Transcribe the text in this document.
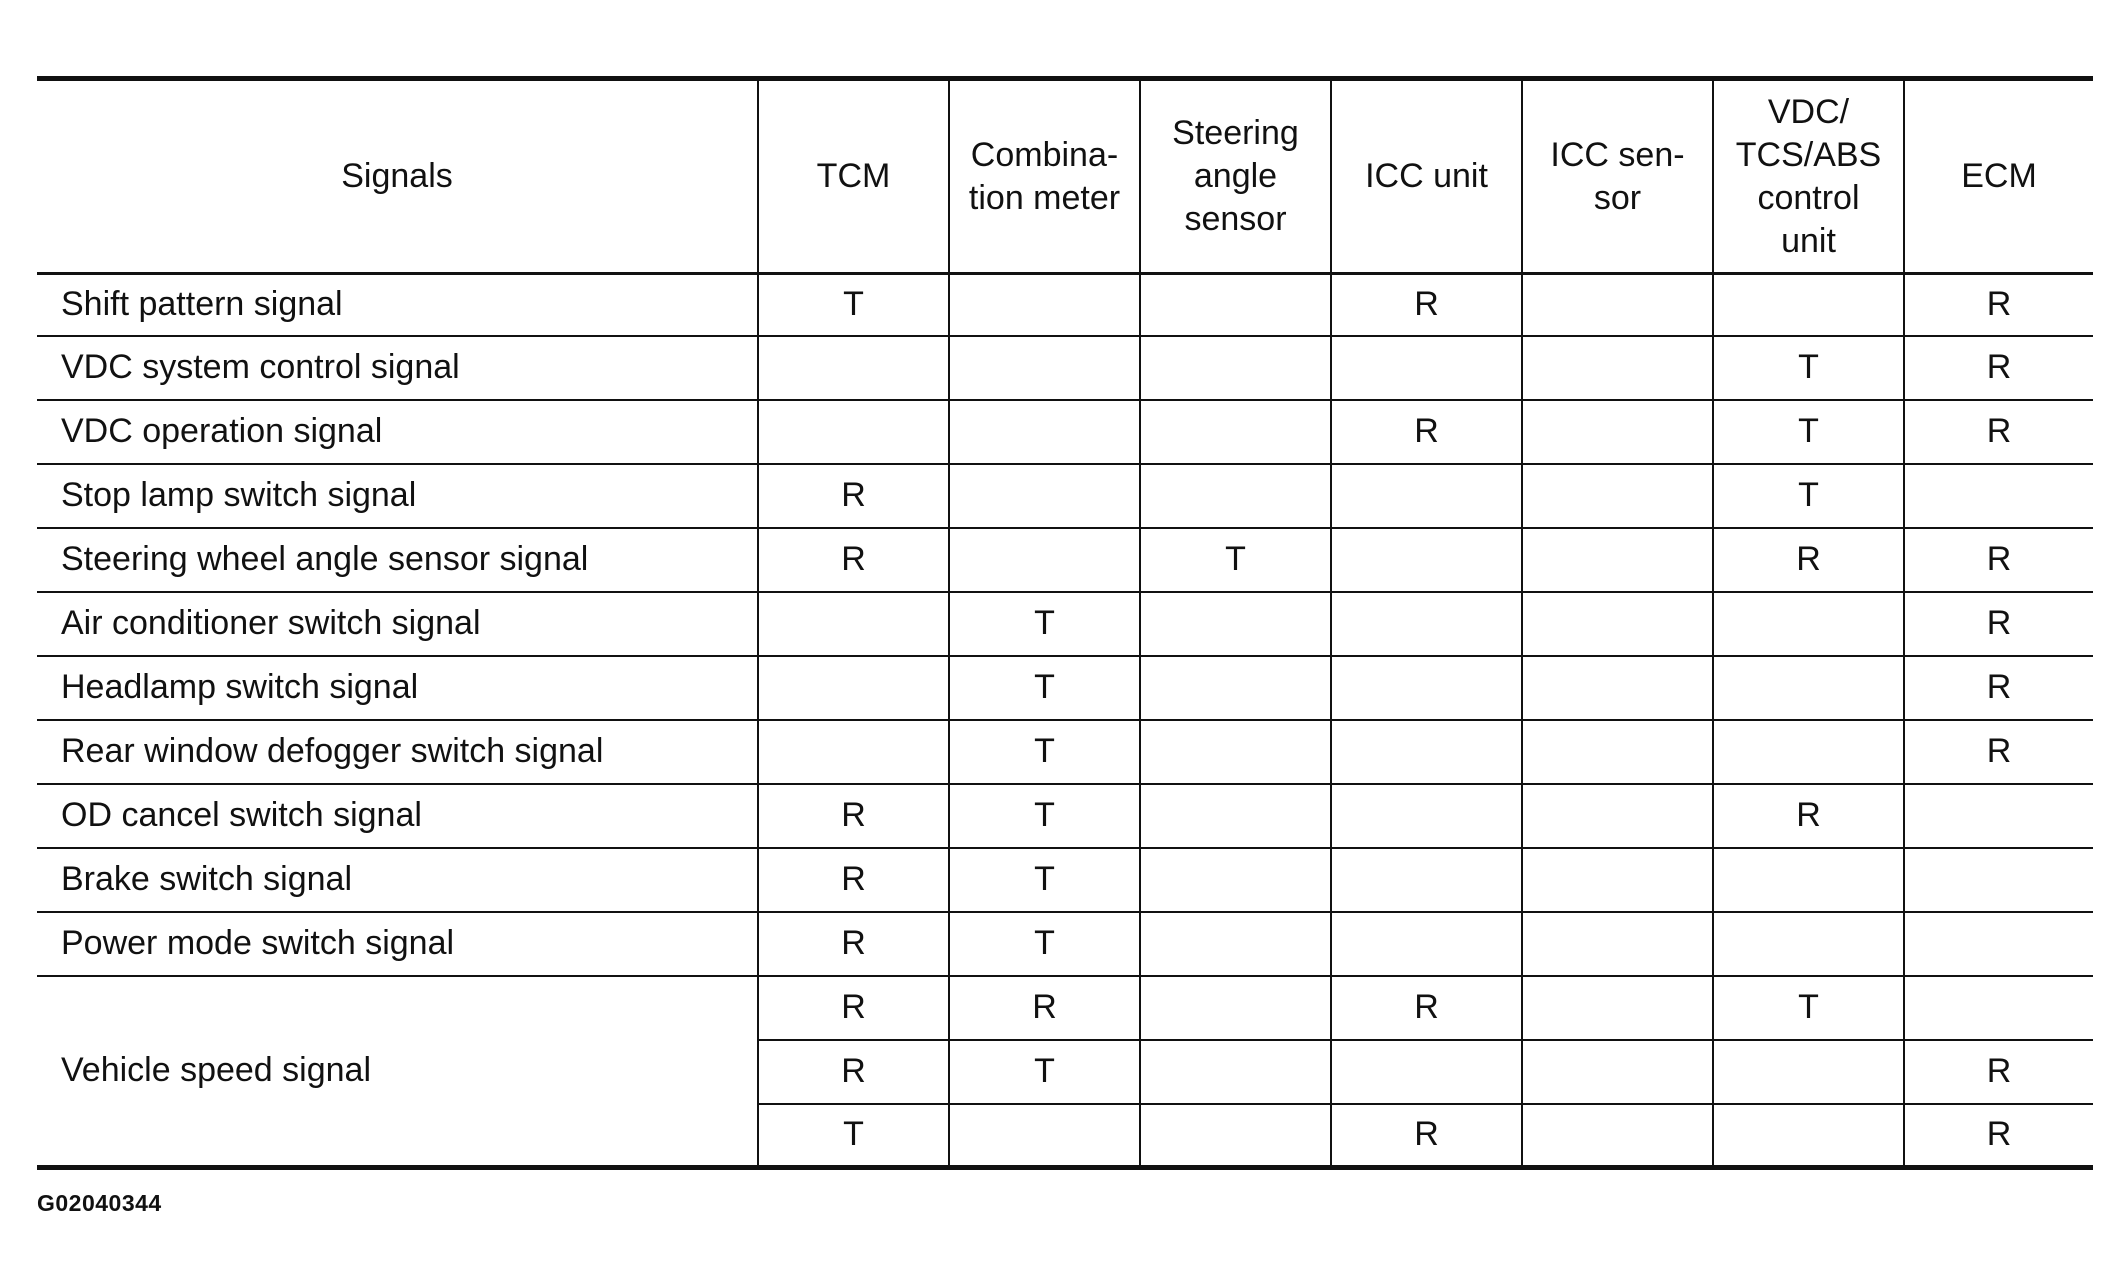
Signals	TCM	Combina-
tion meter	Steering
angle
sensor	ICC unit	ICC sen-
sor	VDC/
TCS/ABS
control
unit	ECM
Shift pattern signal	T			R			R
VDC system control signal						T	R
VDC operation signal				R		T	R
Stop lamp switch signal	R					T	
Steering wheel angle sensor signal	R		T			R	R
Air conditioner switch signal		T					R
Headlamp switch signal		T					R
Rear window defogger switch signal		T					R
OD cancel switch signal	R	T				R	
Brake switch signal	R	T					
Power mode switch signal	R	T					
Vehicle speed signal	R	R		R		T	
	R	T					R
	T			R			R
G02040344
